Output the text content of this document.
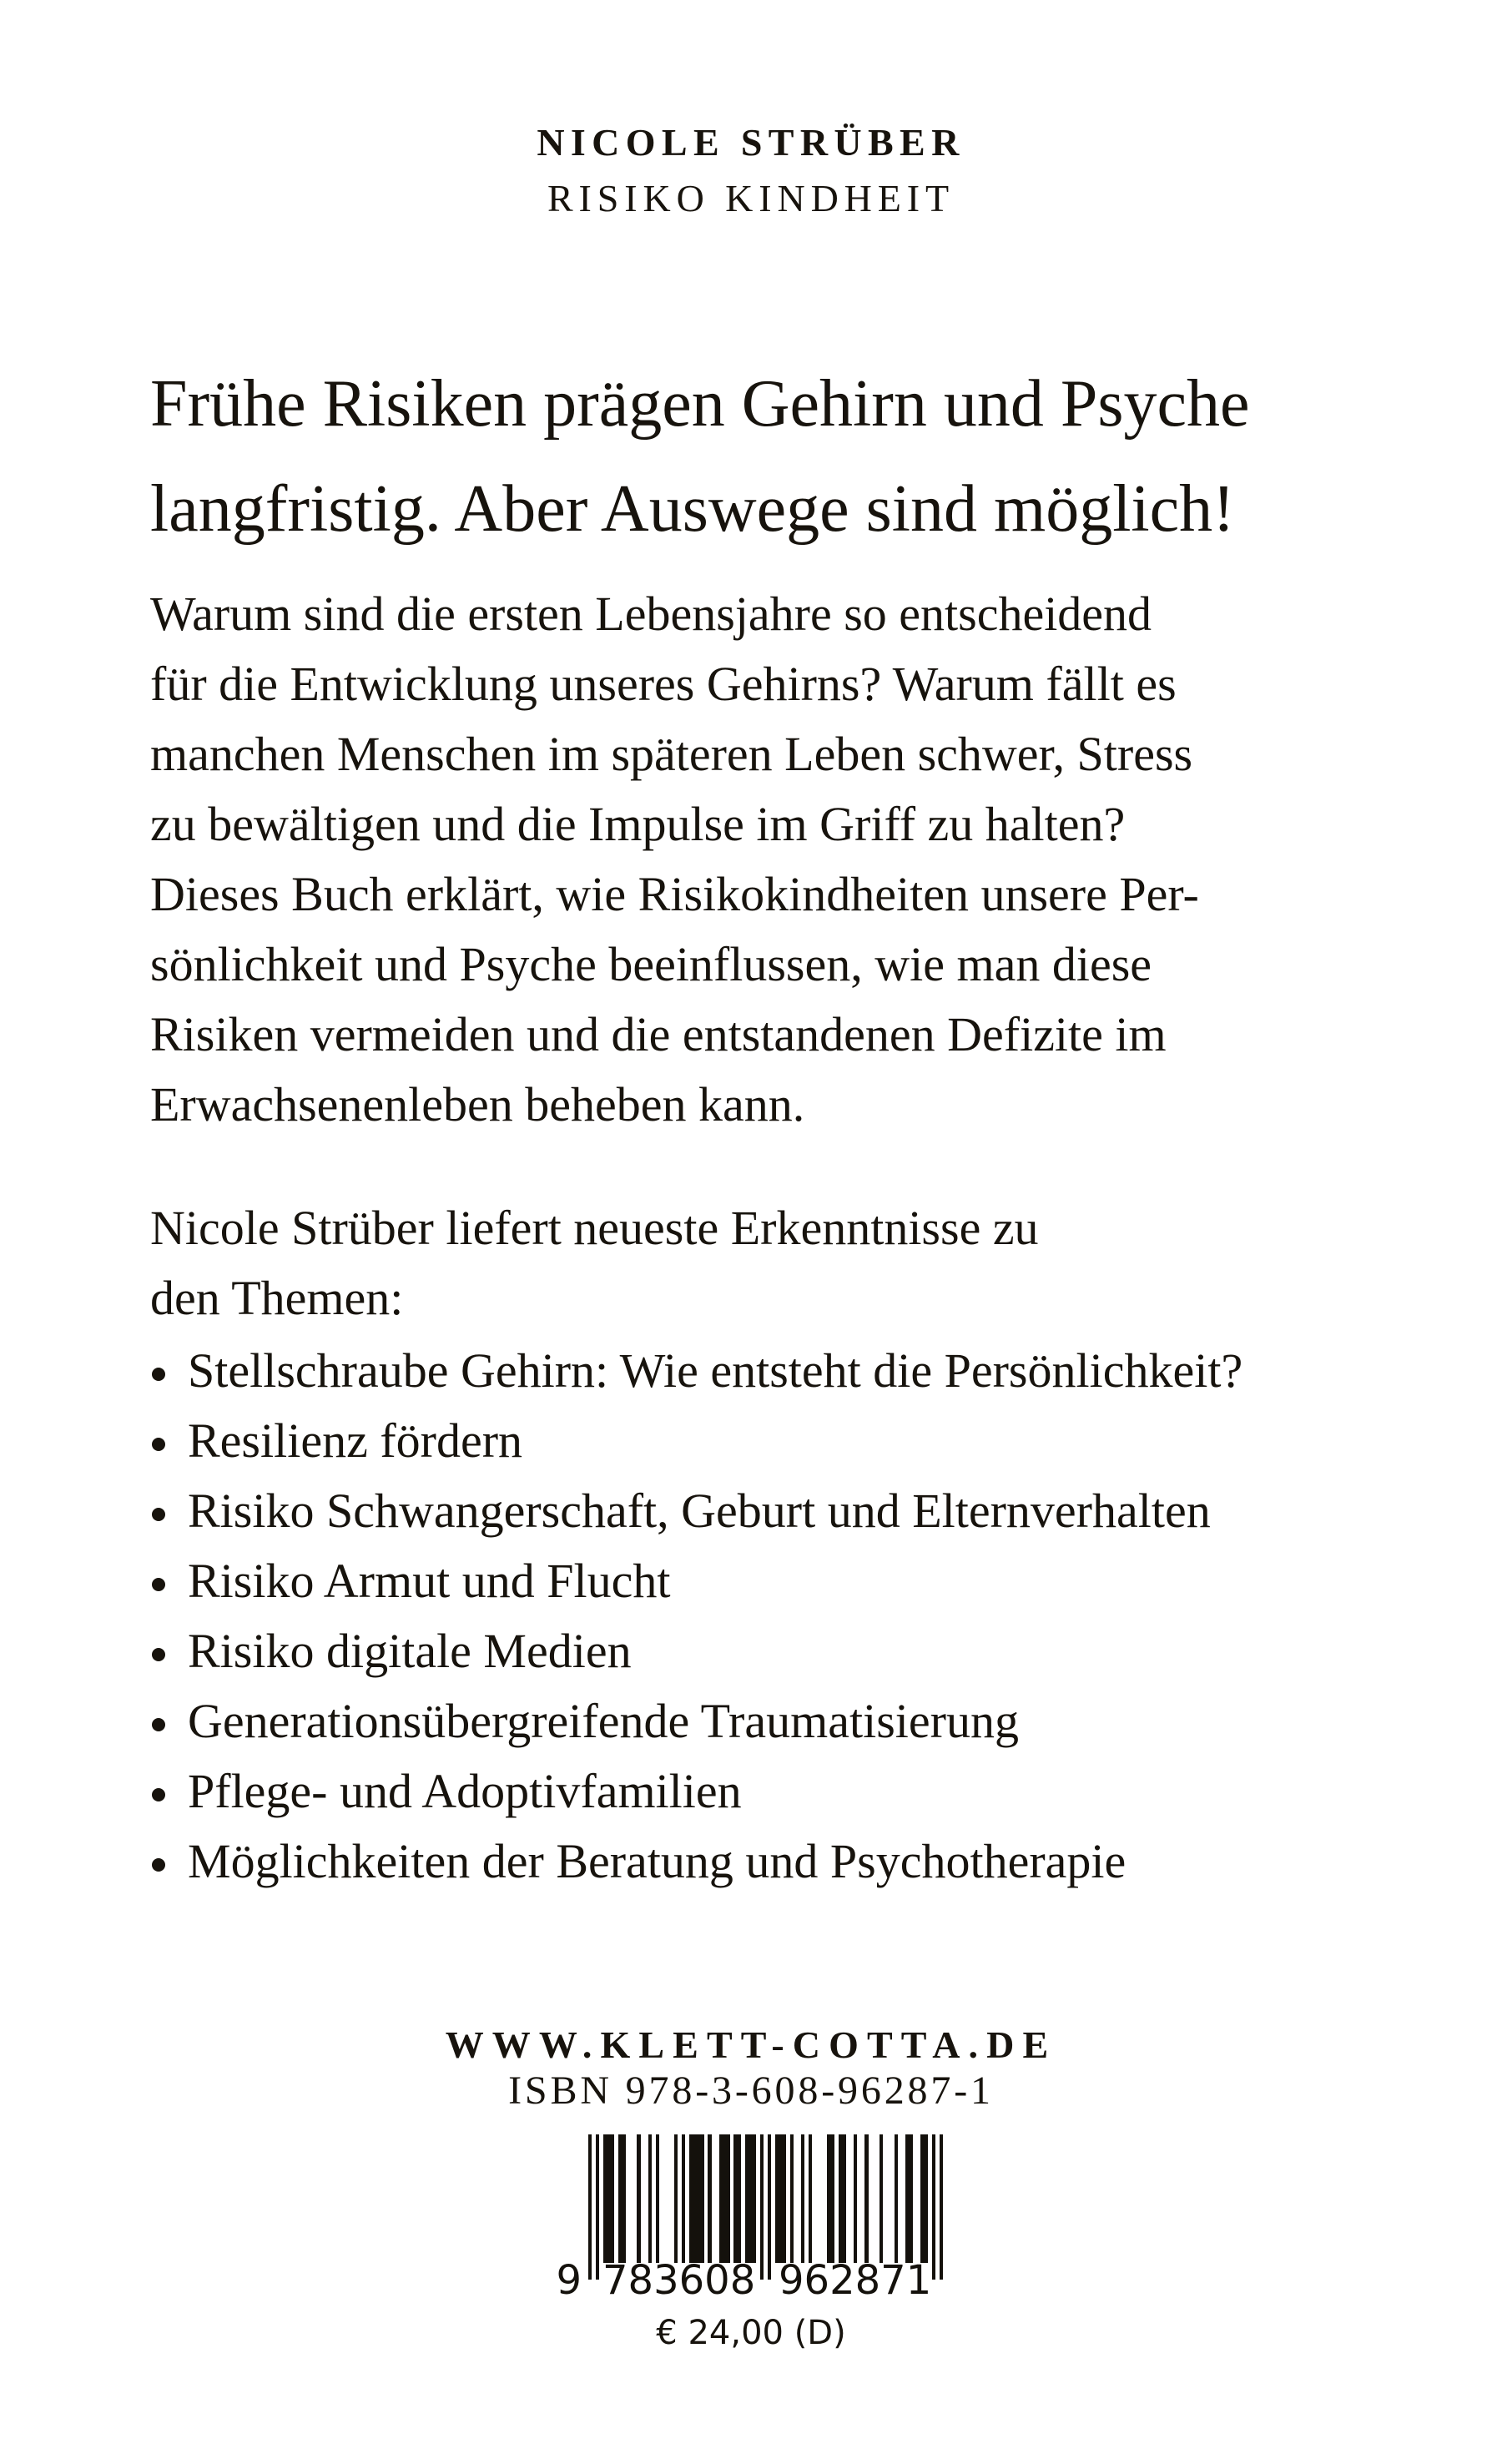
NICOLE STRÜBER
RISIKO KINDHEIT
Frühe Risiken prägen Gehirn und Psyche
langfristig. Aber Auswege sind möglich!
Warum sind die ersten Lebensjahre so entscheidend
für die Entwicklung unseres Gehirns? Warum fällt es
manchen Menschen im späteren Leben schwer, Stress
zu bewältigen und die Impulse im Griff zu halten?
Dieses Buch erklärt, wie Risikokindheiten unsere Per-
sönlichkeit und Psyche beeinflussen, wie man diese
Risiken vermeiden und die entstandenen Defizite im
Erwachsenenleben beheben kann.
Nicole Strüber liefert neueste Erkenntnisse zu
den Themen:
Stellschraube Gehirn: Wie entsteht die Persönlichkeit?
Resilienz fördern
Risiko Schwangerschaft, Geburt und Elternverhalten
Risiko Armut und Flucht
Risiko digitale Medien
Generationsübergreifende Traumatisierung
Pflege- und Adoptivfamilien
Möglichkeiten der Beratung und Psychotherapie
WWW.KLETT-COTTA.DE
ISBN 978-3-608-96287-1
9 783608 962871
€ 24,00 (D)
